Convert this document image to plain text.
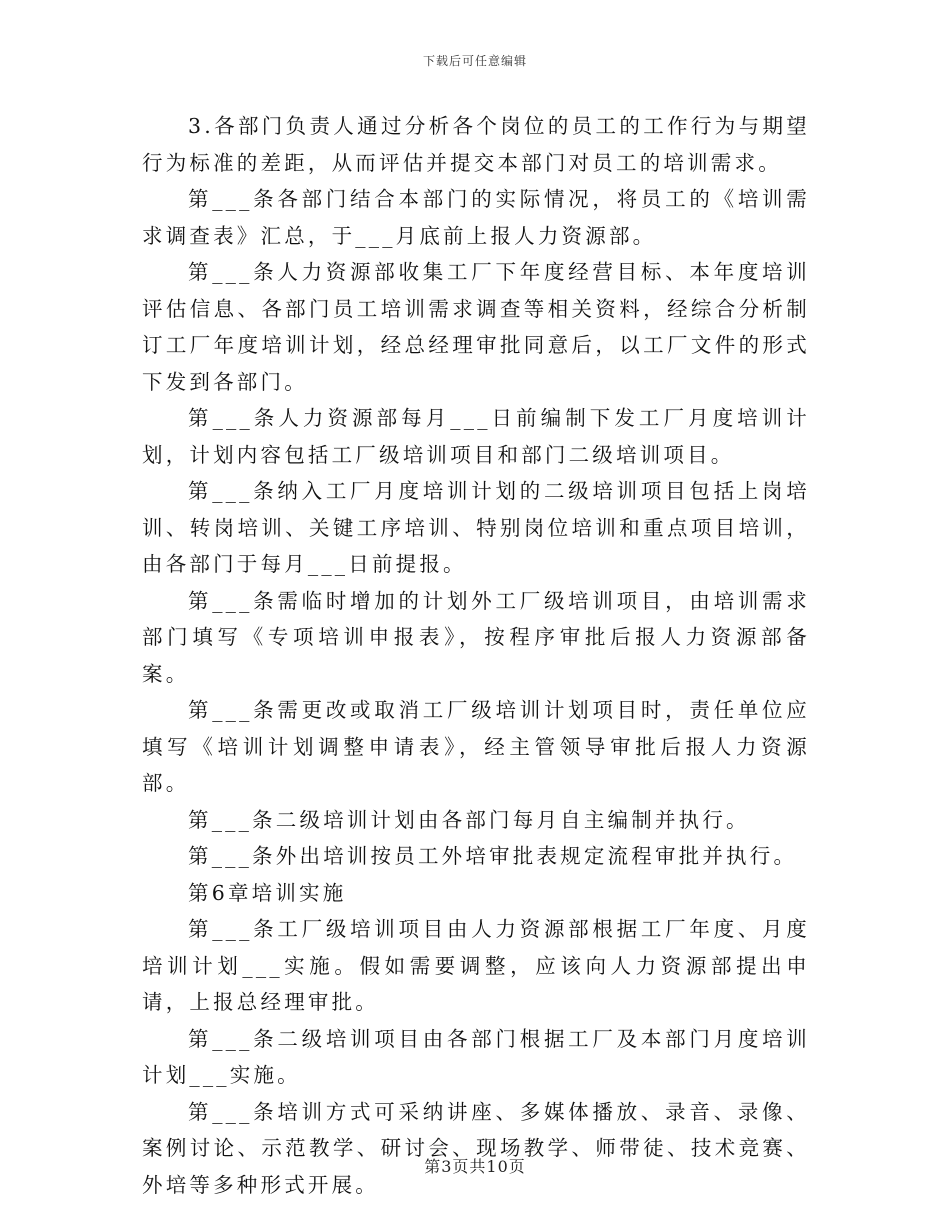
下载后可任意编辑

3.各部门负责人通过分析各个岗位的员工的工作行为与期望行为标准的差距，从而评估并提交本部门对员工的培训需求。

第___条各部门结合本部门的实际情况，将员工的《培训需求调查表》汇总，于___月底前上报人力资源部。

第___条人力资源部收集工厂下年度经营目标、本年度培训评估信息、各部门员工培训需求调查等相关资料，经综合分析制订工厂年度培训计划，经总经理审批同意后，以工厂文件的形式下发到各部门。

第___条人力资源部每月___日前编制下发工厂月度培训计划，计划内容包括工厂级培训项目和部门二级培训项目。

第___条纳入工厂月度培训计划的二级培训项目包括上岗培训、转岗培训、关键工序培训、特别岗位培训和重点项目培训，由各部门于每月___日前提报。

第___条需临时增加的计划外工厂级培训项目，由培训需求部门填写《专项培训申报表》，按程序审批后报人力资源部备案。

第___条需更改或取消工厂级培训计划项目时，责任单位应填写《培训计划调整申请表》，经主管领导审批后报人力资源部。

第___条二级培训计划由各部门每月自主编制并执行。

第___条外出培训按员工外培审批表规定流程审批并执行。

第6章培训实施

第___条工厂级培训项目由人力资源部根据工厂年度、月度培训计划___实施。假如需要调整，应该向人力资源部提出申请，上报总经理审批。

第___条二级培训项目由各部门根据工厂及本部门月度培训计划___实施。

第___条培训方式可采纳讲座、多媒体播放、录音、录像、案例讨论、示范教学、研讨会、现场教学、师带徒、技术竞赛、外培等多种形式开展。

第3页共10页
